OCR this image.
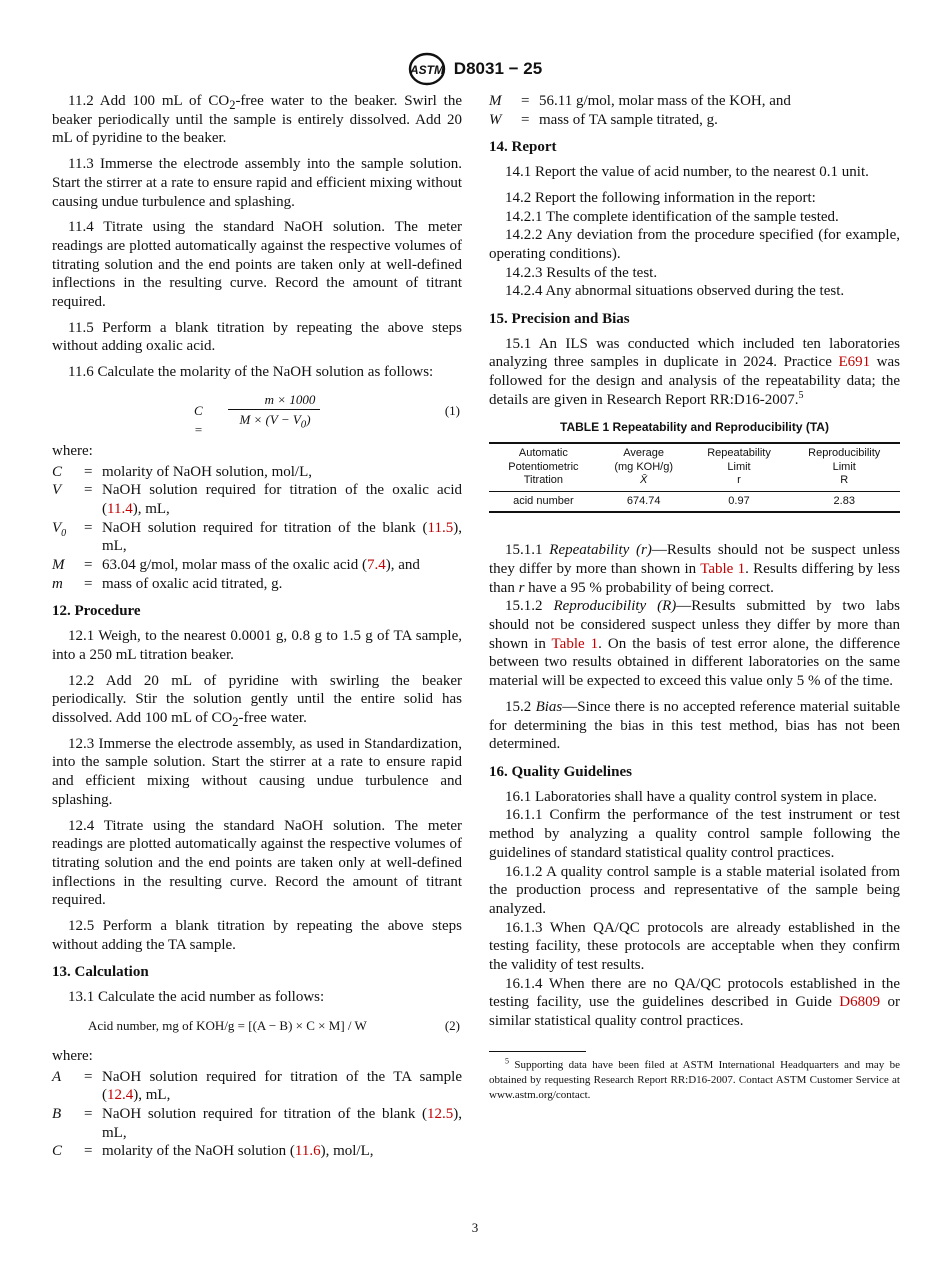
ASTM D8031 − 25

11.2 Add 100 mL of $CO_2$-free water to the beaker. Swirl the beaker periodically until the sample is entirely dissolved. Add 20 mL of pyridine to the beaker.

11.3 Immerse the electrode assembly into the sample solution. Start the stirrer at a rate to ensure rapid and efficient mixing without causing undue turbulence and splashing.

11.4 Titrate using the standard NaOH solution. The meter readings are plotted automatically against the respective volumes of titrating solution and the end points are taken only at well-defined inflections in the resulting curve. Record the amount of titrant required.

11.5 Perform a blank titration by repeating the above steps without adding oxalic acid.

11.6 Calculate the molarity of the NaOH solution as follows:

C =
m × 1000
$M \times (V - V_0)$
(1)

where:

C	= molarity of NaOH solution, mol/L,
V	= NaOH solution required for titration of the oxalic acid (11.4), mL,
$V_0$	= NaOH solution required for titration of the blank (11.5), mL,
M	= 63.04 g/mol, molar mass of the oxalic acid (7.4), and
m	= mass of oxalic acid titrated, g.
12. Procedure

12.1 Weigh, to the nearest 0.0001 g, 0.8 g to 1.5 g of TA sample, into a 250 mL titration beaker.

12.2 Add 20 mL of pyridine with swirling the beaker periodically. Stir the solution gently until the entire solid has dissolved. Add 100 mL of $CO_2$-free water.

12.3 Immerse the electrode assembly, as used in Standardization, into the sample solution. Start the stirrer at a rate to ensure rapid and efficient mixing without causing undue turbulence and splashing.

12.4 Titrate using the standard NaOH solution. The meter readings are plotted automatically against the respective volumes of titrating solution and the end points are taken only at well-defined inflections in the resulting curve. Record the amount of titrant required.

12.5 Perform a blank titration by repeating the above steps without adding the TA sample.

13. Calculation

13.1 Calculate the acid number as follows:

Acid number, mg of KOH/g = [(A − B) × C × M] / W	(2)

where:

A	= NaOH solution required for titration of the TA sample (12.4), mL,
B	= NaOH solution required for titration of the blank (12.5), mL,
C	= molarity of the NaOH solution (11.6), mol/L,
M	= 56.11 g/mol, molar mass of the KOH, and
W	= mass of TA sample titrated, g.
14. Report

14.1 Report the value of acid number, to the nearest 0.1 unit.

14.2 Report the following information in the report:

14.2.1 The complete identification of the sample tested.

14.2.2 Any deviation from the procedure specified (for example, operating conditions).

14.2.3 Results of the test.

14.2.4 Any abnormal situations observed during the test.

15. Precision and Bias

15.1 An ILS was conducted which included ten laboratories analyzing three samples in duplicate in 2024. Practice E691 was followed for the design and analysis of the repeatability data; the details are given in Research Report RR:D16-2007.$^5$

TABLE 1 Repeatability and Reproducibility (TA)
Automatic
Potentiometric
Titration	Average
(mg KOH/g)
X̄	Repeatability
Limit
r	Reproducibility
Limit
R
acid number	674.74	0.97	2.83

15.1.1 Repeatability (r)—Results should not be suspect unless they differ by more than shown in Table 1. Results differing by less than r have a 95 % probability of being correct.

15.1.2 Reproducibility (R)—Results submitted by two labs should not be considered suspect unless they differ by more than shown in Table 1. On the basis of test error alone, the difference between two results obtained in different laboratories on the same material will be expected to exceed this value only 5 % of the time.

15.2 Bias—Since there is no accepted reference material suitable for determining the bias in this test method, bias has not been determined.

16. Quality Guidelines

16.1 Laboratories shall have a quality control system in place.

16.1.1 Confirm the performance of the test instrument or test method by analyzing a quality control sample following the guidelines of standard statistical quality control practices.

16.1.2 A quality control sample is a stable material isolated from the production process and representative of the sample being analyzed.

16.1.3 When QA/QC protocols are already established in the testing facility, these protocols are acceptable when they confirm the validity of test results.

16.1.4 When there are no QA/QC protocols established in the testing facility, use the guidelines described in Guide D6809 or similar statistical quality control practices.

$^5$ Supporting data have been filed at ASTM International Headquarters and may be obtained by requesting Research Report RR:D16-2007. Contact ASTM Customer Service at www.astm.org/contact.

3
